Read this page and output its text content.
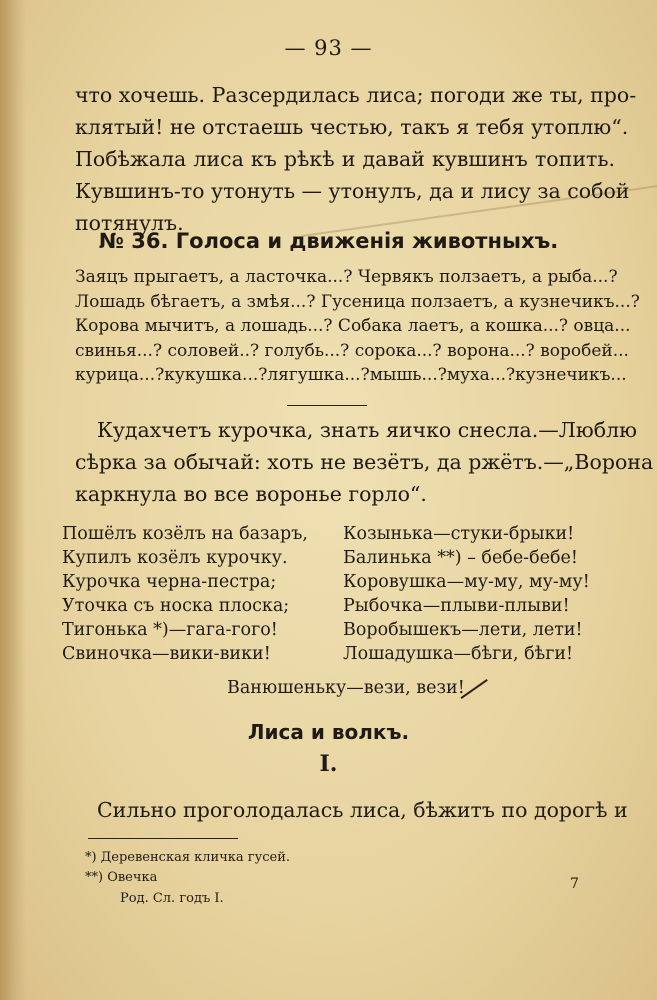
— 93 —
что хочешь. Разсердилась лиса; погоди же ты, про-
клятый! не отстаешь честью, такъ я тебя утоплю“.
Побѣжала лиса къ рѣкѣ и давай кувшинъ топить.
Кувшинъ-то утонуть — утонулъ, да и лису за собой
потянулъ.
№ 36. Голоса и движенія животныхъ.
Заяцъ прыгаетъ, а ласточка...? Червякъ ползаетъ, а рыба...?
Лошадь бѣгаетъ, а змѣя...? Гусеница ползаетъ, а кузнечикъ...?
Корова мычитъ, а лошадь...? Собака лаетъ, а кошка...? овца...
свинья...? соловей..? голубь...? сорока...? ворона...? воробей...
курица...?кукушка...?лягушка...?мышь...?муха...?кузнечикъ...
Кудахчетъ курочка, знать яичко снесла.—Люблю
сѣрка за обычай: хоть не везётъ, да ржётъ.—„Ворона
каркнула во все воронье горло“.
Пошёлъ козёлъ на базаръ,
Купилъ козёлъ курочку.
Курочка черна-пестра;
Уточка съ носка плоска;
Тигонька *)—гага-гого!
Свиночка—вики-вики!
Козынька—стуки-брыки!
Балинька **) – бебе-бебе!
Коровушка—му-му, му-му!
Рыбочка—плыви-плыви!
Воробышекъ—лети, лети!
Лошадушка—бѣги, бѣги!
Ванюшеньку—вези, вези!
Лиса и волкъ.
I.
Сильно проголодалась лиса, бѣжитъ по дорогѣ и
*) Деревенская кличка гусей.
**) Овечка
Род. Сл. годъ I.
7
